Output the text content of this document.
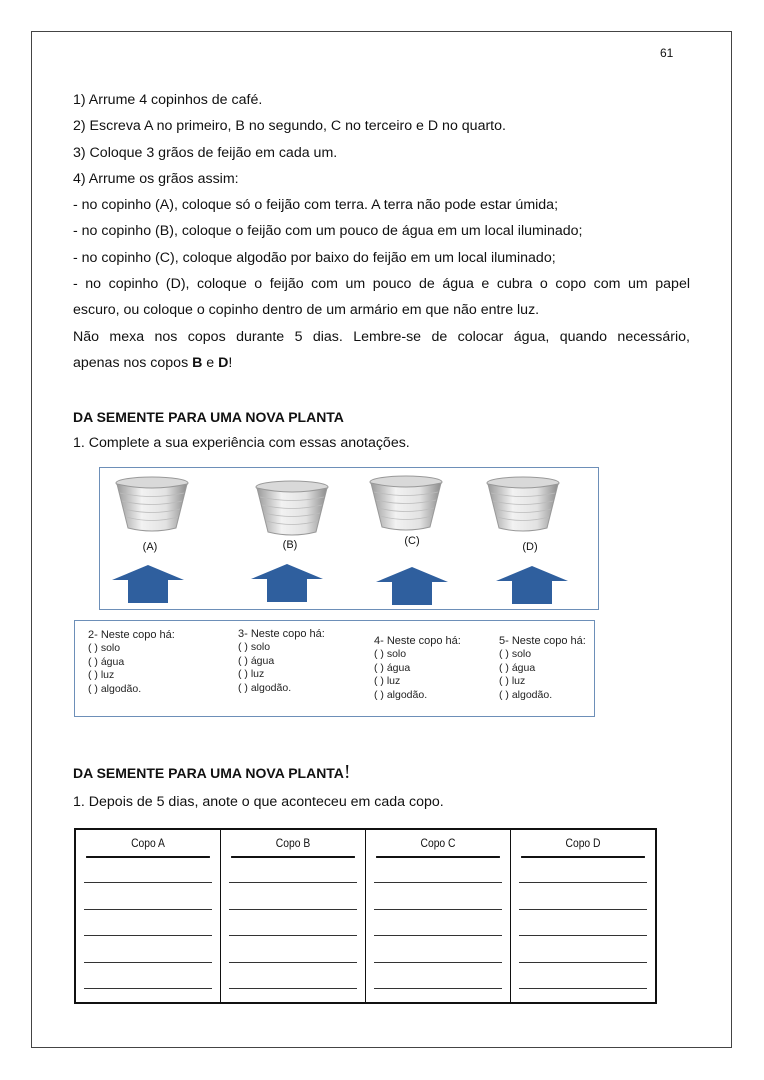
61
1) Arrume 4 copinhos de café.
2) Escreva A no primeiro, B no segundo, C no terceiro e D no quarto.
3) Coloque 3 grãos de feijão em cada um.
4) Arrume os grãos assim:
- no copinho (A), coloque só o feijão com terra. A terra não pode estar úmida;
- no copinho (B), coloque o feijão com um pouco de água em um local iluminado;
- no copinho (C), coloque algodão por baixo do feijão em um local iluminado;
- no copinho (D), coloque o feijão com um pouco de água e cubra o copo com um papel
escuro, ou coloque o copinho dentro de um armário em que não entre luz.
Não mexa nos copos durante 5 dias. Lembre-se de colocar água, quando necessário,
apenas nos copos B e D!
DA SEMENTE PARA UMA NOVA PLANTA
1. Complete a sua experiência com essas anotações.
(A)	(B)	(C)	(D)
2- Neste copo há:
( ) solo
( ) água
( ) luz
( ) algodão.
3- Neste copo há:
( ) solo
( ) água
( ) luz
( ) algodão.
4- Neste copo há:
( ) solo
( ) água
( ) luz
( ) algodão.
5- Neste copo há:
( ) solo
( ) água
( ) luz
( ) algodão.
DA SEMENTE PARA UMA NOVA PLANTA!
1. Depois de 5 dias, anote o que aconteceu em cada copo.
Copo A	Copo B	Copo C	Copo D
